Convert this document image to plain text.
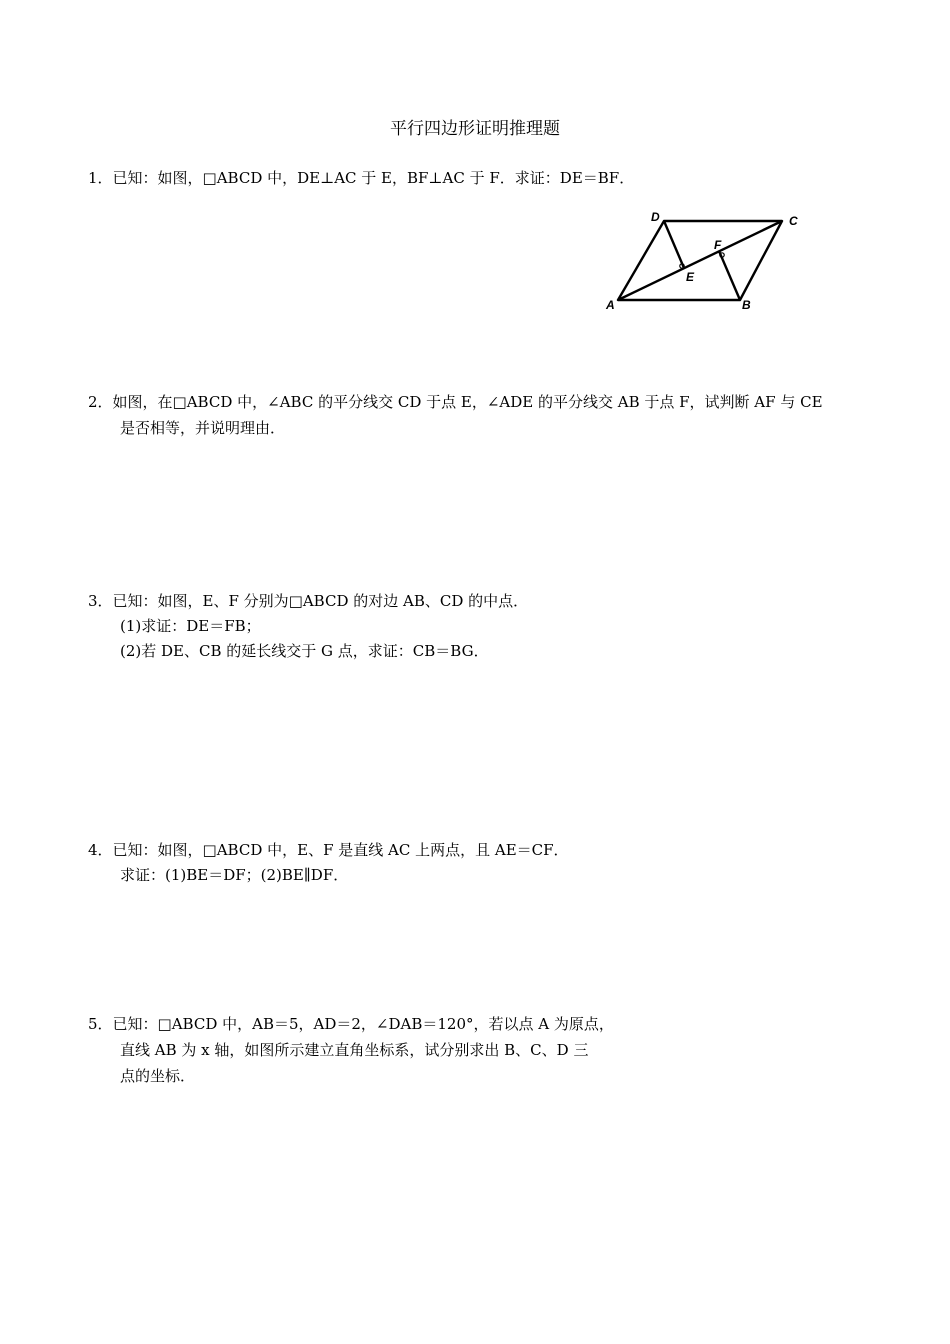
平行四边形证明推理题
1．已知：如图，□ABCD 中，DE⊥AC 于 E，BF⊥AC 于 F．求证：DE＝BF．
A	B
C
D
E
F
2．如图，在□ABCD 中，∠ABC 的平分线交 CD 于点 E，∠ADE 的平分线交 AB 于点 F，试判断 AF 与 CE
是否相等，并说明理由．
3．已知：如图，E、F 分别为□ABCD 的对边 AB、CD 的中点．
(1)求证：DE＝FB；
(2)若 DE、CB 的延长线交于 G 点，求证：CB＝BG．
4．已知：如图，□ABCD 中，E、F 是直线 AC 上两点，且 AE＝CF．
求证：(1)BE＝DF；(2)BE∥DF．
5．已知：□ABCD 中，AB＝5，AD＝2，∠DAB＝120°，若以点 A 为原点，
直线 AB 为 x 轴，如图所示建立直角坐标系，试分别求出 B、C、D 三
点的坐标．
